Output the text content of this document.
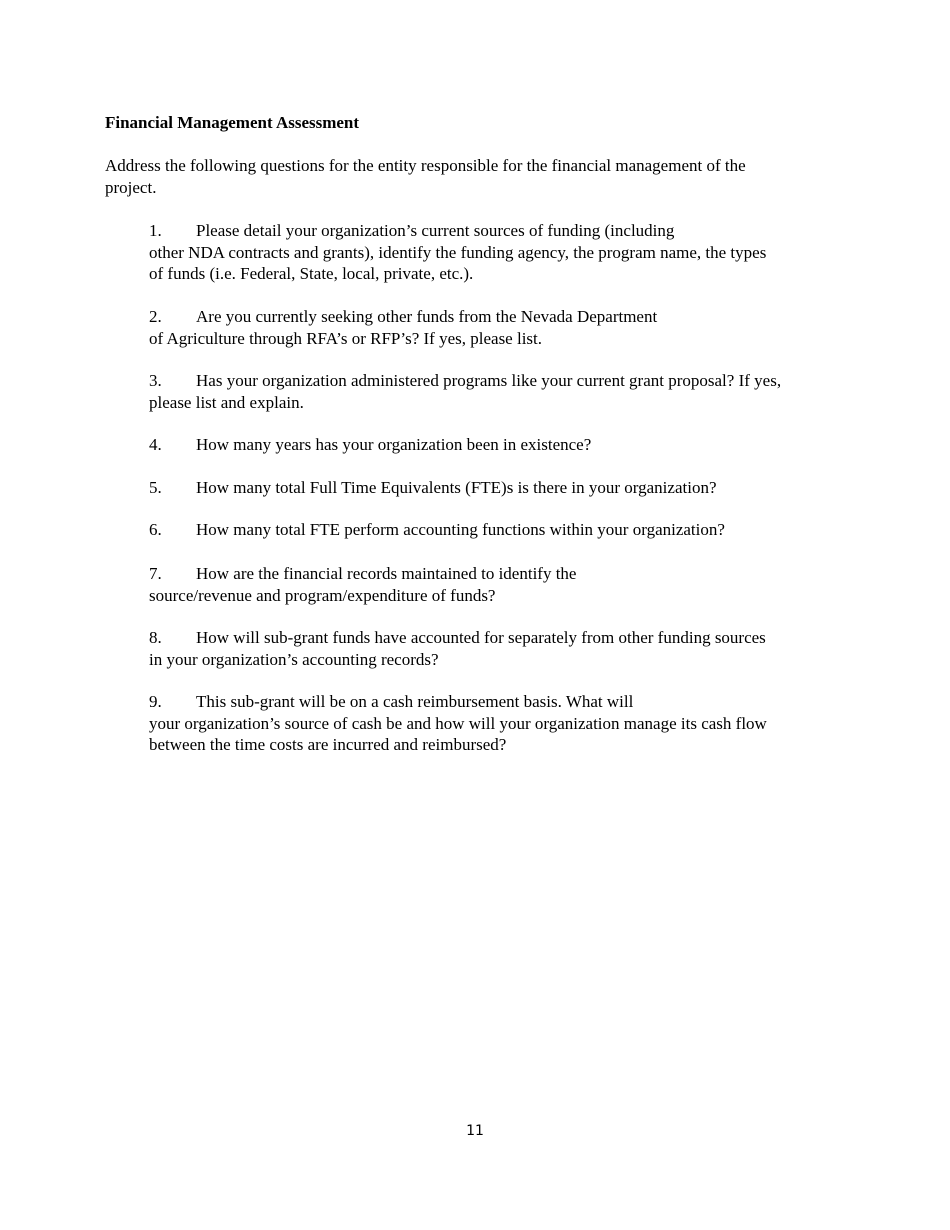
Financial Management Assessment
Address the following questions for the entity responsible for the financial management of the
project.
1. Please detail your organization’s current sources of funding (including
other NDA contracts and grants), identify the funding agency, the program name, the types
of funds (i.e. Federal, State, local, private, etc.).
2. Are you currently seeking other funds from the Nevada Department
of Agriculture through RFA’s or RFP’s? If yes, please list.
3. Has your organization administered programs like your current grant proposal? If yes,
please list and explain.
4. How many years has your organization been in existence?
5. How many total Full Time Equivalents (FTE)s is there in your organization?
6. How many total FTE perform accounting functions within your organization?
7. How are the financial records maintained to identify the
source/revenue and program/expenditure of funds?
8. How will sub-grant funds have accounted for separately from other funding sources
in your organization’s accounting records?
9. This sub-grant will be on a cash reimbursement basis. What will
your organization’s source of cash be and how will your organization manage its cash flow
between the time costs are incurred and reimbursed?
11
